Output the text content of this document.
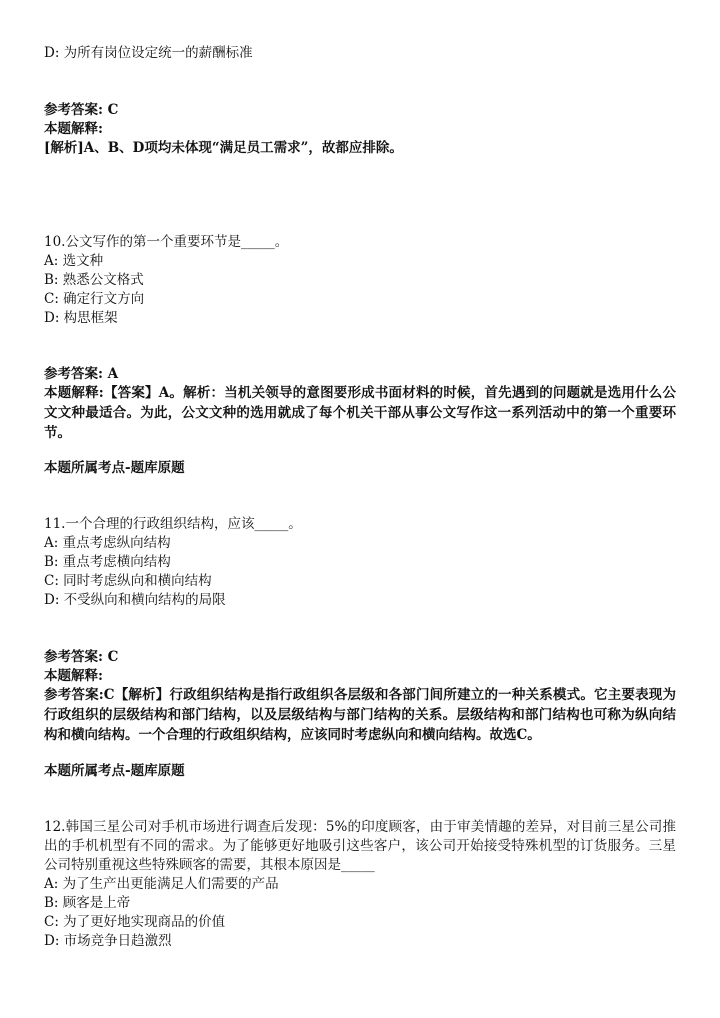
D: 为所有岗位设定统一的薪酬标准
参考答案: C
本题解释:
[解析]A、B、D项均未体现“满足员工需求”，故都应排除。
10.公文写作的第一个重要环节是_____。
A: 选文种
B: 熟悉公文格式
C: 确定行文方向
D: 构思框架
参考答案: A
本题解释:【答案】A。解析：当机关领导的意图要形成书面材料的时候，首先遇到的问题就是选用什么公文文种最适合。为此，公文文种的选用就成了每个机关干部从事公文写作这一系列活动中的第一个重要环节。
本题所属考点-题库原题
11.一个合理的行政组织结构，应该_____。
A: 重点考虑纵向结构
B: 重点考虑横向结构
C: 同时考虑纵向和横向结构
D: 不受纵向和横向结构的局限
参考答案: C
本题解释:
参考答案:C【解析】行政组织结构是指行政组织各层级和各部门间所建立的一种关系模式。它主要表现为行政组织的层级结构和部门结构，以及层级结构与部门结构的关系。层级结构和部门结构也可称为纵向结构和横向结构。一个合理的行政组织结构，应该同时考虑纵向和横向结构。故选C。
本题所属考点-题库原题
12.韩国三星公司对手机市场进行调查后发现：5%的印度顾客，由于审美情趣的差异，对目前三星公司推出的手机机型有不同的需求。为了能够更好地吸引这些客户，该公司开始接受特殊机型的订货服务。三星公司特别重视这些特殊顾客的需要，其根本原因是_____
A: 为了生产出更能满足人们需要的产品
B: 顾客是上帝
C: 为了更好地实现商品的价值
D: 市场竞争日趋激烈
